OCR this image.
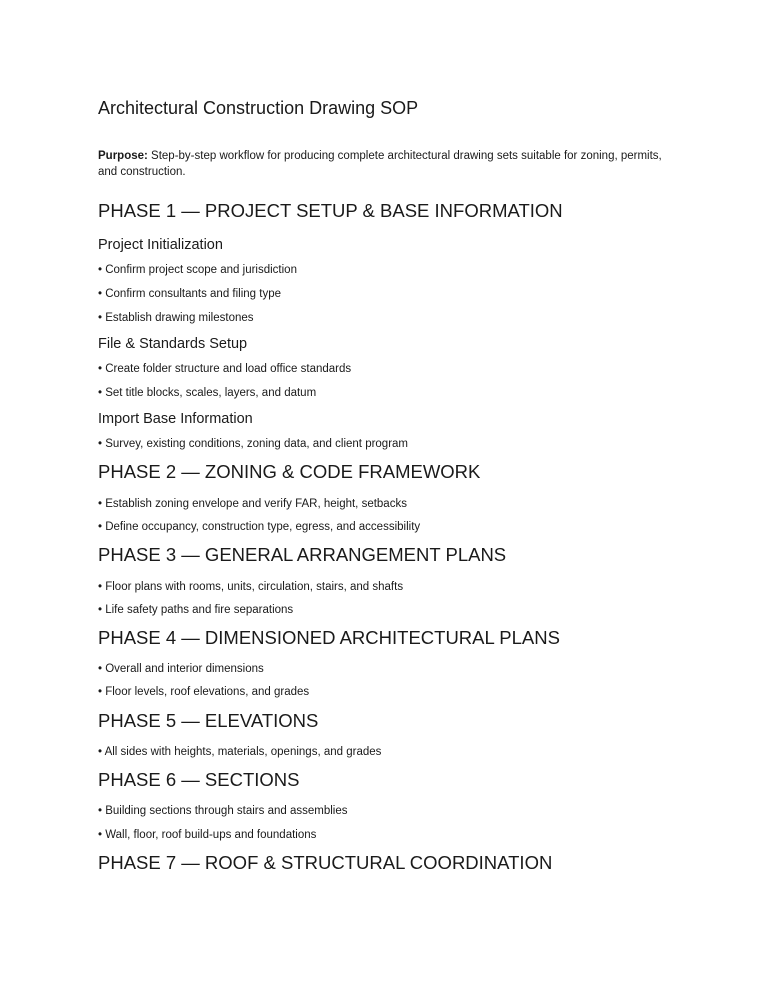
Architectural Construction Drawing SOP

Purpose: Step-by-step workflow for producing complete architectural drawing sets suitable for zoning, permits, and construction.

PHASE 1 — PROJECT SETUP & BASE INFORMATION
Project Initialization
• Confirm project scope and jurisdiction
• Confirm consultants and filing type
• Establish drawing milestones
File & Standards Setup
• Create folder structure and load office standards
• Set title blocks, scales, layers, and datum
Import Base Information
• Survey, existing conditions, zoning data, and client program
PHASE 2 — ZONING & CODE FRAMEWORK
• Establish zoning envelope and verify FAR, height, setbacks
• Define occupancy, construction type, egress, and accessibility
PHASE 3 — GENERAL ARRANGEMENT PLANS
• Floor plans with rooms, units, circulation, stairs, and shafts
• Life safety paths and fire separations
PHASE 4 — DIMENSIONED ARCHITECTURAL PLANS
• Overall and interior dimensions
• Floor levels, roof elevations, and grades
PHASE 5 — ELEVATIONS
• All sides with heights, materials, openings, and grades
PHASE 6 — SECTIONS
• Building sections through stairs and assemblies
• Wall, floor, roof build-ups and foundations
PHASE 7 — ROOF & STRUCTURAL COORDINATION
